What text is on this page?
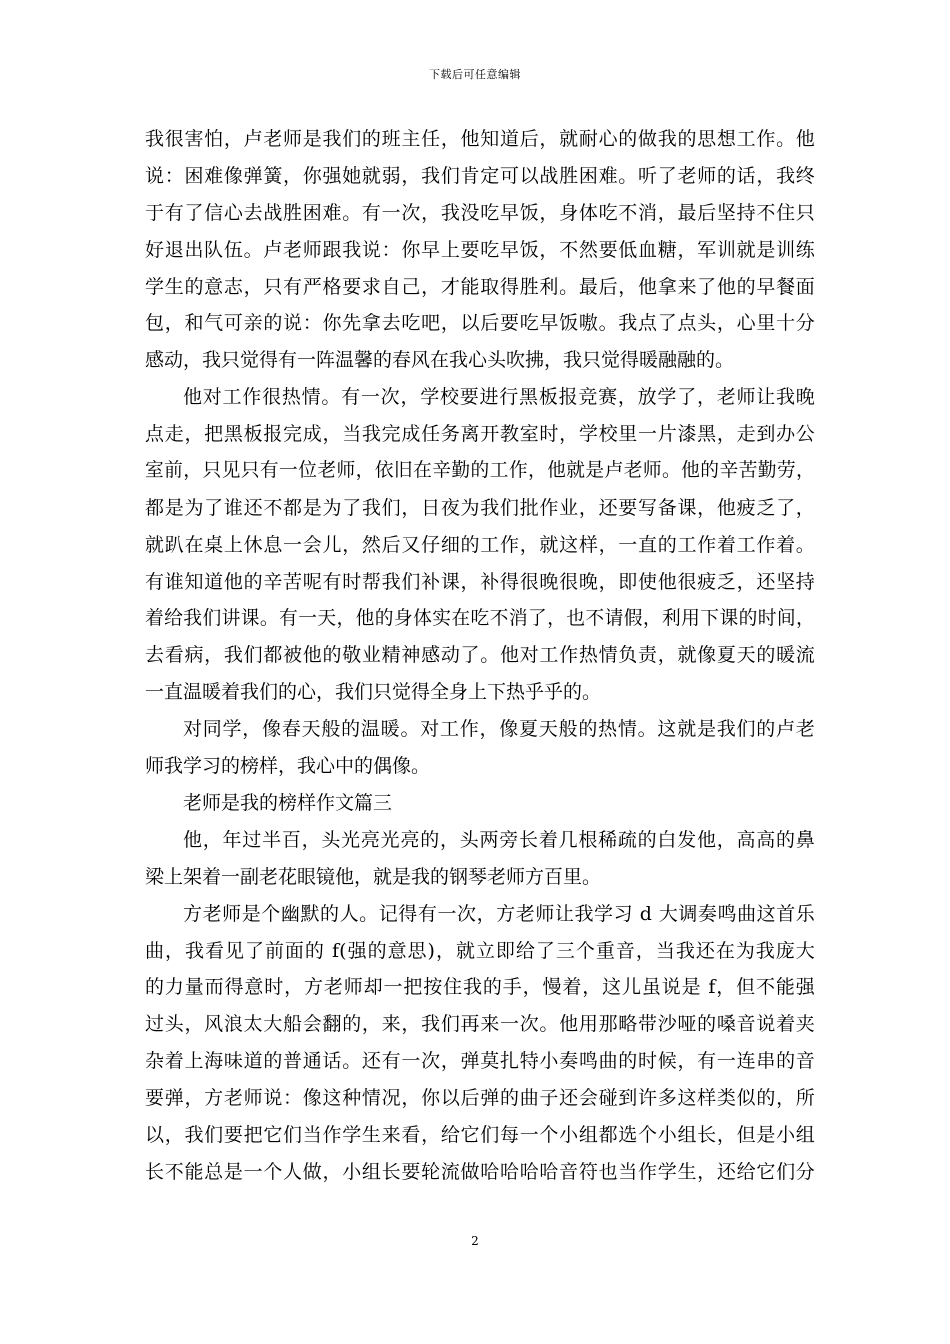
下载后可任意编辑
我很害怕，卢老师是我们的班主任，他知道后，就耐心的做我的思想工作。他
说：困难像弹簧，你强她就弱，我们肯定可以战胜困难。听了老师的话，我终
于有了信心去战胜困难。有一次，我没吃早饭，身体吃不消，最后坚持不住只
好退出队伍。卢老师跟我说：你早上要吃早饭，不然要低血糖，军训就是训练
学生的意志，只有严格要求自己，才能取得胜利。最后，他拿来了他的早餐面
包，和气可亲的说：你先拿去吃吧，以后要吃早饭嗷。我点了点头，心里十分
感动，我只觉得有一阵温馨的春风在我心头吹拂，我只觉得暖融融的。
他对工作很热情。有一次，学校要进行黑板报竞赛，放学了，老师让我晚
点走，把黑板报完成，当我完成任务离开教室时，学校里一片漆黑，走到办公
室前，只见只有一位老师，依旧在辛勤的工作，他就是卢老师。他的辛苦勤劳，
都是为了谁还不都是为了我们，日夜为我们批作业，还要写备课，他疲乏了，
就趴在桌上休息一会儿，然后又仔细的工作，就这样，一直的工作着工作着。
有谁知道他的辛苦呢有时帮我们补课，补得很晚很晚，即使他很疲乏，还坚持
着给我们讲课。有一天，他的身体实在吃不消了，也不请假，利用下课的时间，
去看病，我们都被他的敬业精神感动了。他对工作热情负责，就像夏天的暖流
一直温暖着我们的心，我们只觉得全身上下热乎乎的。
对同学，像春天般的温暖。对工作，像夏天般的热情。这就是我们的卢老
师我学习的榜样，我心中的偶像。
老师是我的榜样作文篇三
他，年过半百，头光亮光亮的，头两旁长着几根稀疏的白发他，高高的鼻
梁上架着一副老花眼镜他，就是我的钢琴老师方百里。
方老师是个幽默的人。记得有一次，方老师让我学习 d 大调奏鸣曲这首乐
曲，我看见了前面的 f(强的意思)，就立即给了三个重音，当我还在为我庞大
的力量而得意时，方老师却一把按住我的手，慢着，这儿虽说是 f，但不能强
过头，风浪太大船会翻的，来，我们再来一次。他用那略带沙哑的嗓音说着夹
杂着上海味道的普通话。还有一次，弹莫扎特小奏鸣曲的时候，有一连串的音
要弹，方老师说：像这种情况，你以后弹的曲子还会碰到许多这样类似的，所
以，我们要把它们当作学生来看，给它们每一个小组都选个小组长，但是小组
长不能总是一个人做，小组长要轮流做哈哈哈哈音符也当作学生，还给它们分
2
